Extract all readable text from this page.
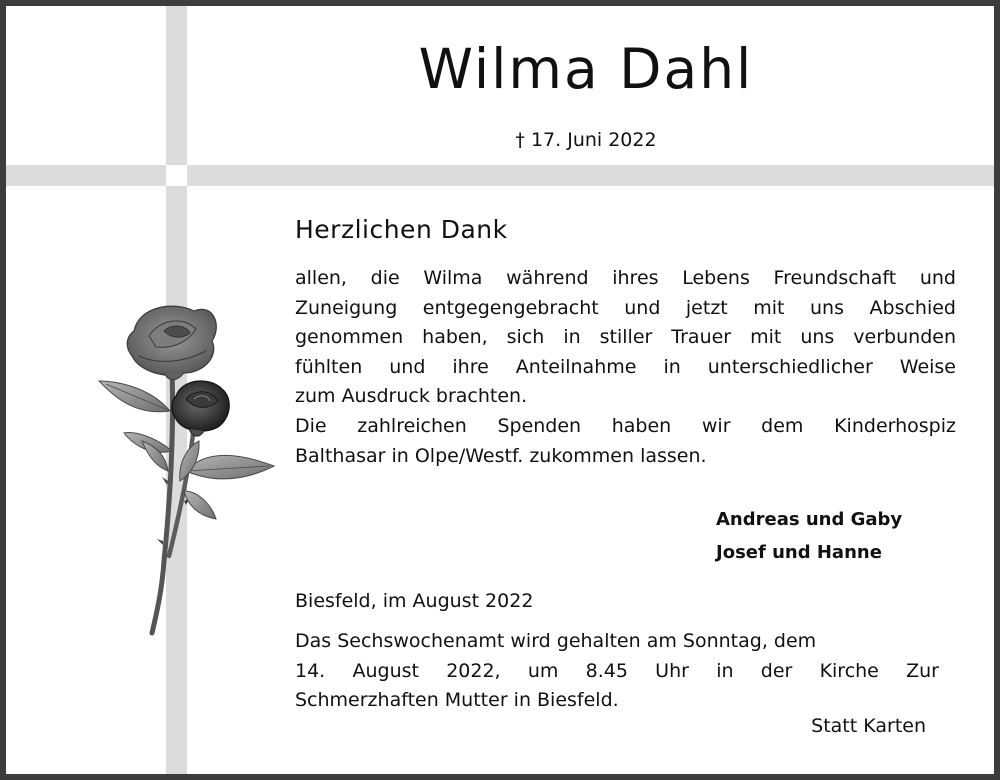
Wilma Dahl
† 17. Juni 2022
Herzlichen Dank
allen, die Wilma während ihres Lebens Freundschaft und
Zuneigung entgegengebracht und jetzt mit uns Abschied
genommen haben, sich in stiller Trauer mit uns verbunden
fühlten und ihre Anteilnahme in unterschiedlicher Weise
zum Ausdruck brachten.
Die zahlreichen Spenden haben wir dem Kinderhospiz
Balthasar in Olpe/Westf. zukommen lassen.
Andreas und Gaby
Josef und Hanne
Biesfeld, im August 2022
Das Sechswochenamt wird gehalten am Sonntag, dem
14. August 2022, um 8.45 Uhr in der Kirche Zur
Schmerzhaften Mutter in Biesfeld.
Statt Karten
